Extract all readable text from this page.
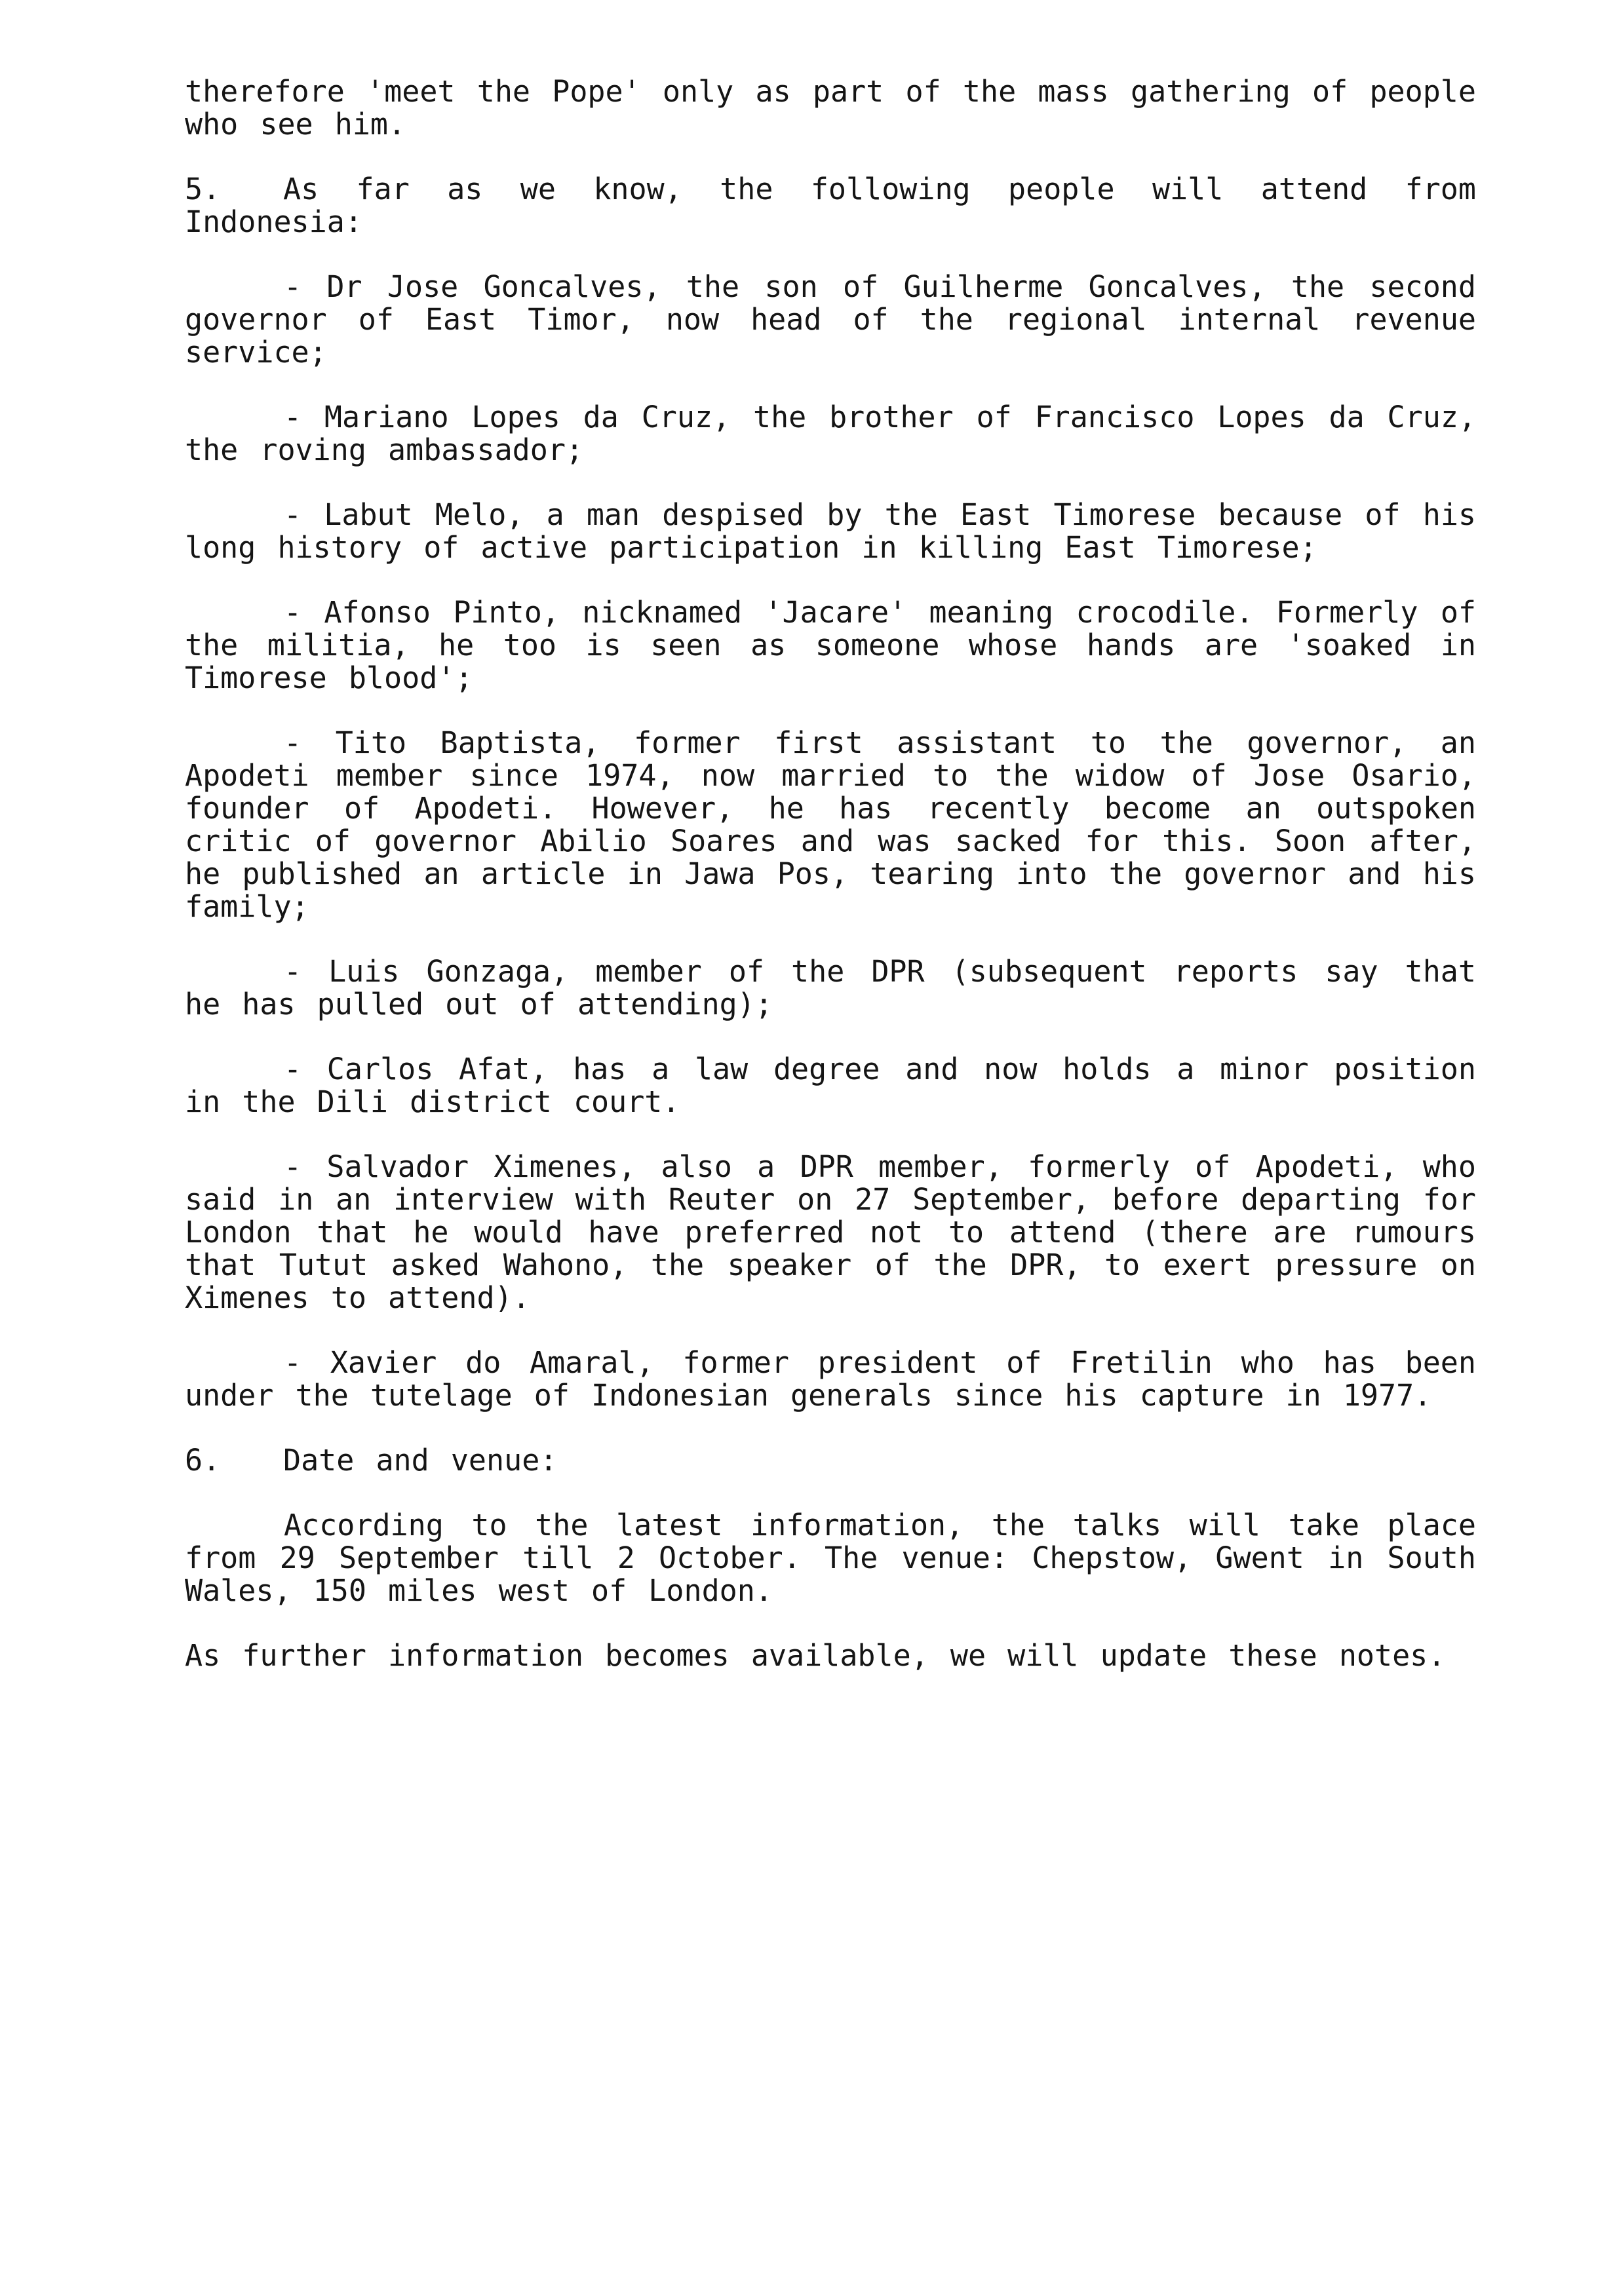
therefore 'meet the Pope' only as part of the mass gathering of people who see him.

5. As far as we know, the following people will attend from Indonesia:

- Dr Jose Goncalves, the son of Guilherme Goncalves, the second governor of East Timor, now head of the regional internal revenue service;

- Mariano Lopes da Cruz, the brother of Francisco Lopes da Cruz, the roving ambassador;

- Labut Melo, a man despised by the East Timorese because of his long history of active participation in killing East Timorese;

- Afonso Pinto, nicknamed 'Jacare' meaning crocodile. Formerly of the militia, he too is seen as someone whose hands are 'soaked in Timorese blood';

- Tito Baptista, former first assistant to the governor, an Apodeti member since 1974, now married to the widow of Jose Osario, founder of Apodeti. However, he has recently become an outspoken critic of governor Abilio Soares and was sacked for this. Soon after, he published an article in Jawa Pos, tearing into the governor and his family;

- Luis Gonzaga, member of the DPR (subsequent reports say that he has pulled out of attending);

- Carlos Afat, has a law degree and now holds a minor position in the Dili district court.

- Salvador Ximenes, also a DPR member, formerly of Apodeti, who said in an interview with Reuter on 27 September, before departing for London that he would have preferred not to attend (there are rumours that Tutut asked Wahono, the speaker of the DPR, to exert pressure on Ximenes to attend).

- Xavier do Amaral, former president of Fretilin who has been under the tutelage of Indonesian generals since his capture in 1977.

6. Date and venue:

According to the latest information, the talks will take place from 29 September till 2 October. The venue: Chepstow, Gwent in South Wales, 150 miles west of London.

As further information becomes available, we will update these notes.
